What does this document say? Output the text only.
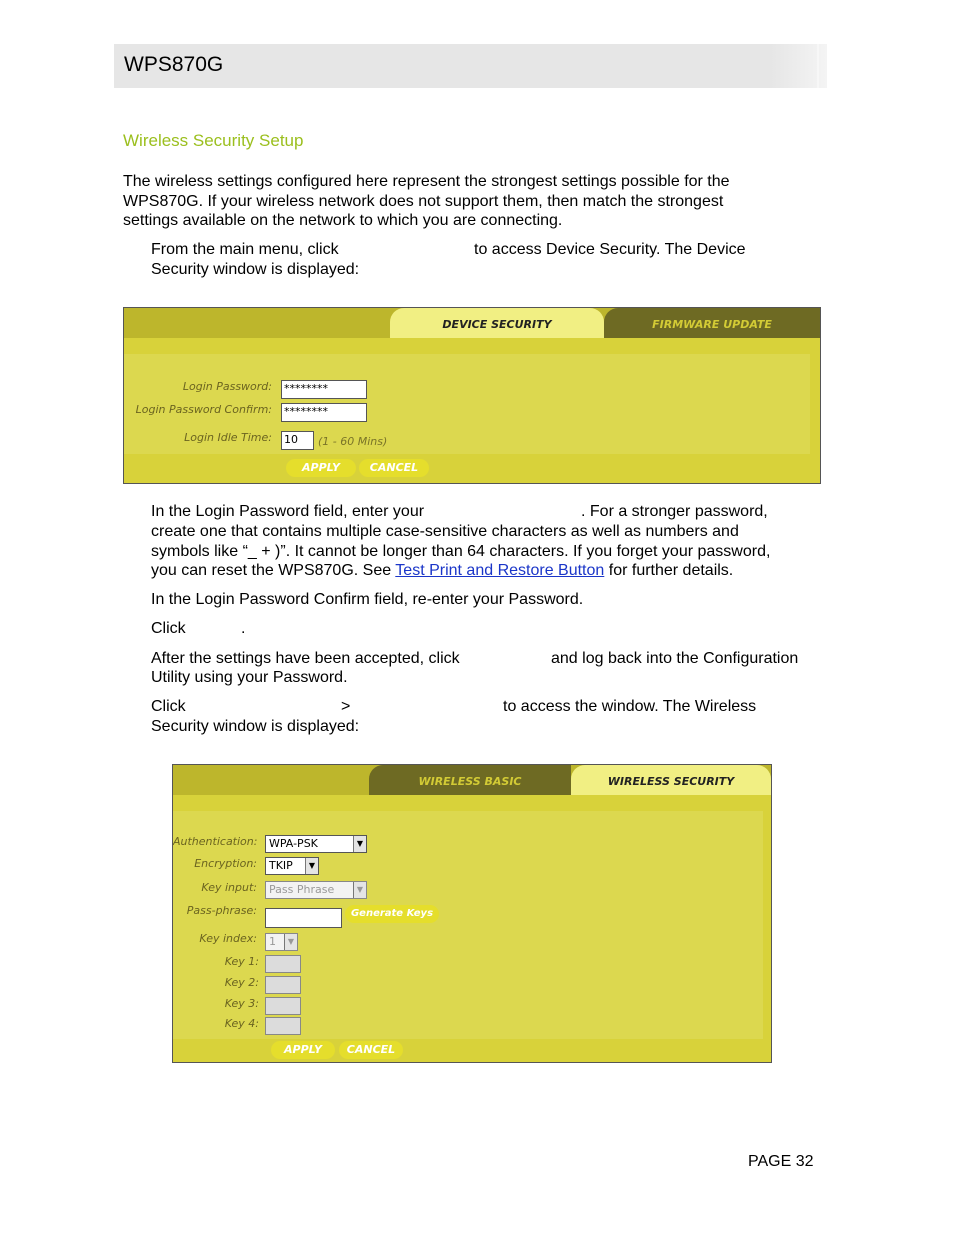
WPS870G
Wireless Security Setup
The wireless settings configured here represent the strongest settings possible for the
WPS870G. If your wireless network does not support them, then match the strongest
settings available on the network to which you are connecting.
From the main menu, click	to access Device Security. The Device
Security window is displayed:
DEVICE SECURITY	FIRMWARE UPDATE
Login Password: ********
Login Password Confirm: ********
Login Idle Time: 10	(1 - 60 Mins)
APPLY	CANCEL
In the Login Password field, enter your	. For a stronger password,
create one that contains multiple case-sensitive characters as well as numbers and
symbols like “_ + )”. It cannot be longer than 64 characters. If you forget your password,
you can reset the WPS870G. See Test Print and Restore Button for further details.
In the Login Password Confirm field, re-enter your Password.
Click	.
After the settings have been accepted, click	and log back into the Configuration
Utility using your Password.
Click	>	to access the window. The Wireless
Security window is displayed:
WIRELESS BASIC	WIRELESS SECURITY
Authentication:	WPA-PSK	▼
Encryption:	TKIP	▼
Key input:	Pass Phrase	▼
Pass-phrase:	Generate Keys
Key index:	1	▼
Key 1:
Key 2:
Key 3:
Key 4:
APPLY	CANCEL
PAGE 32
